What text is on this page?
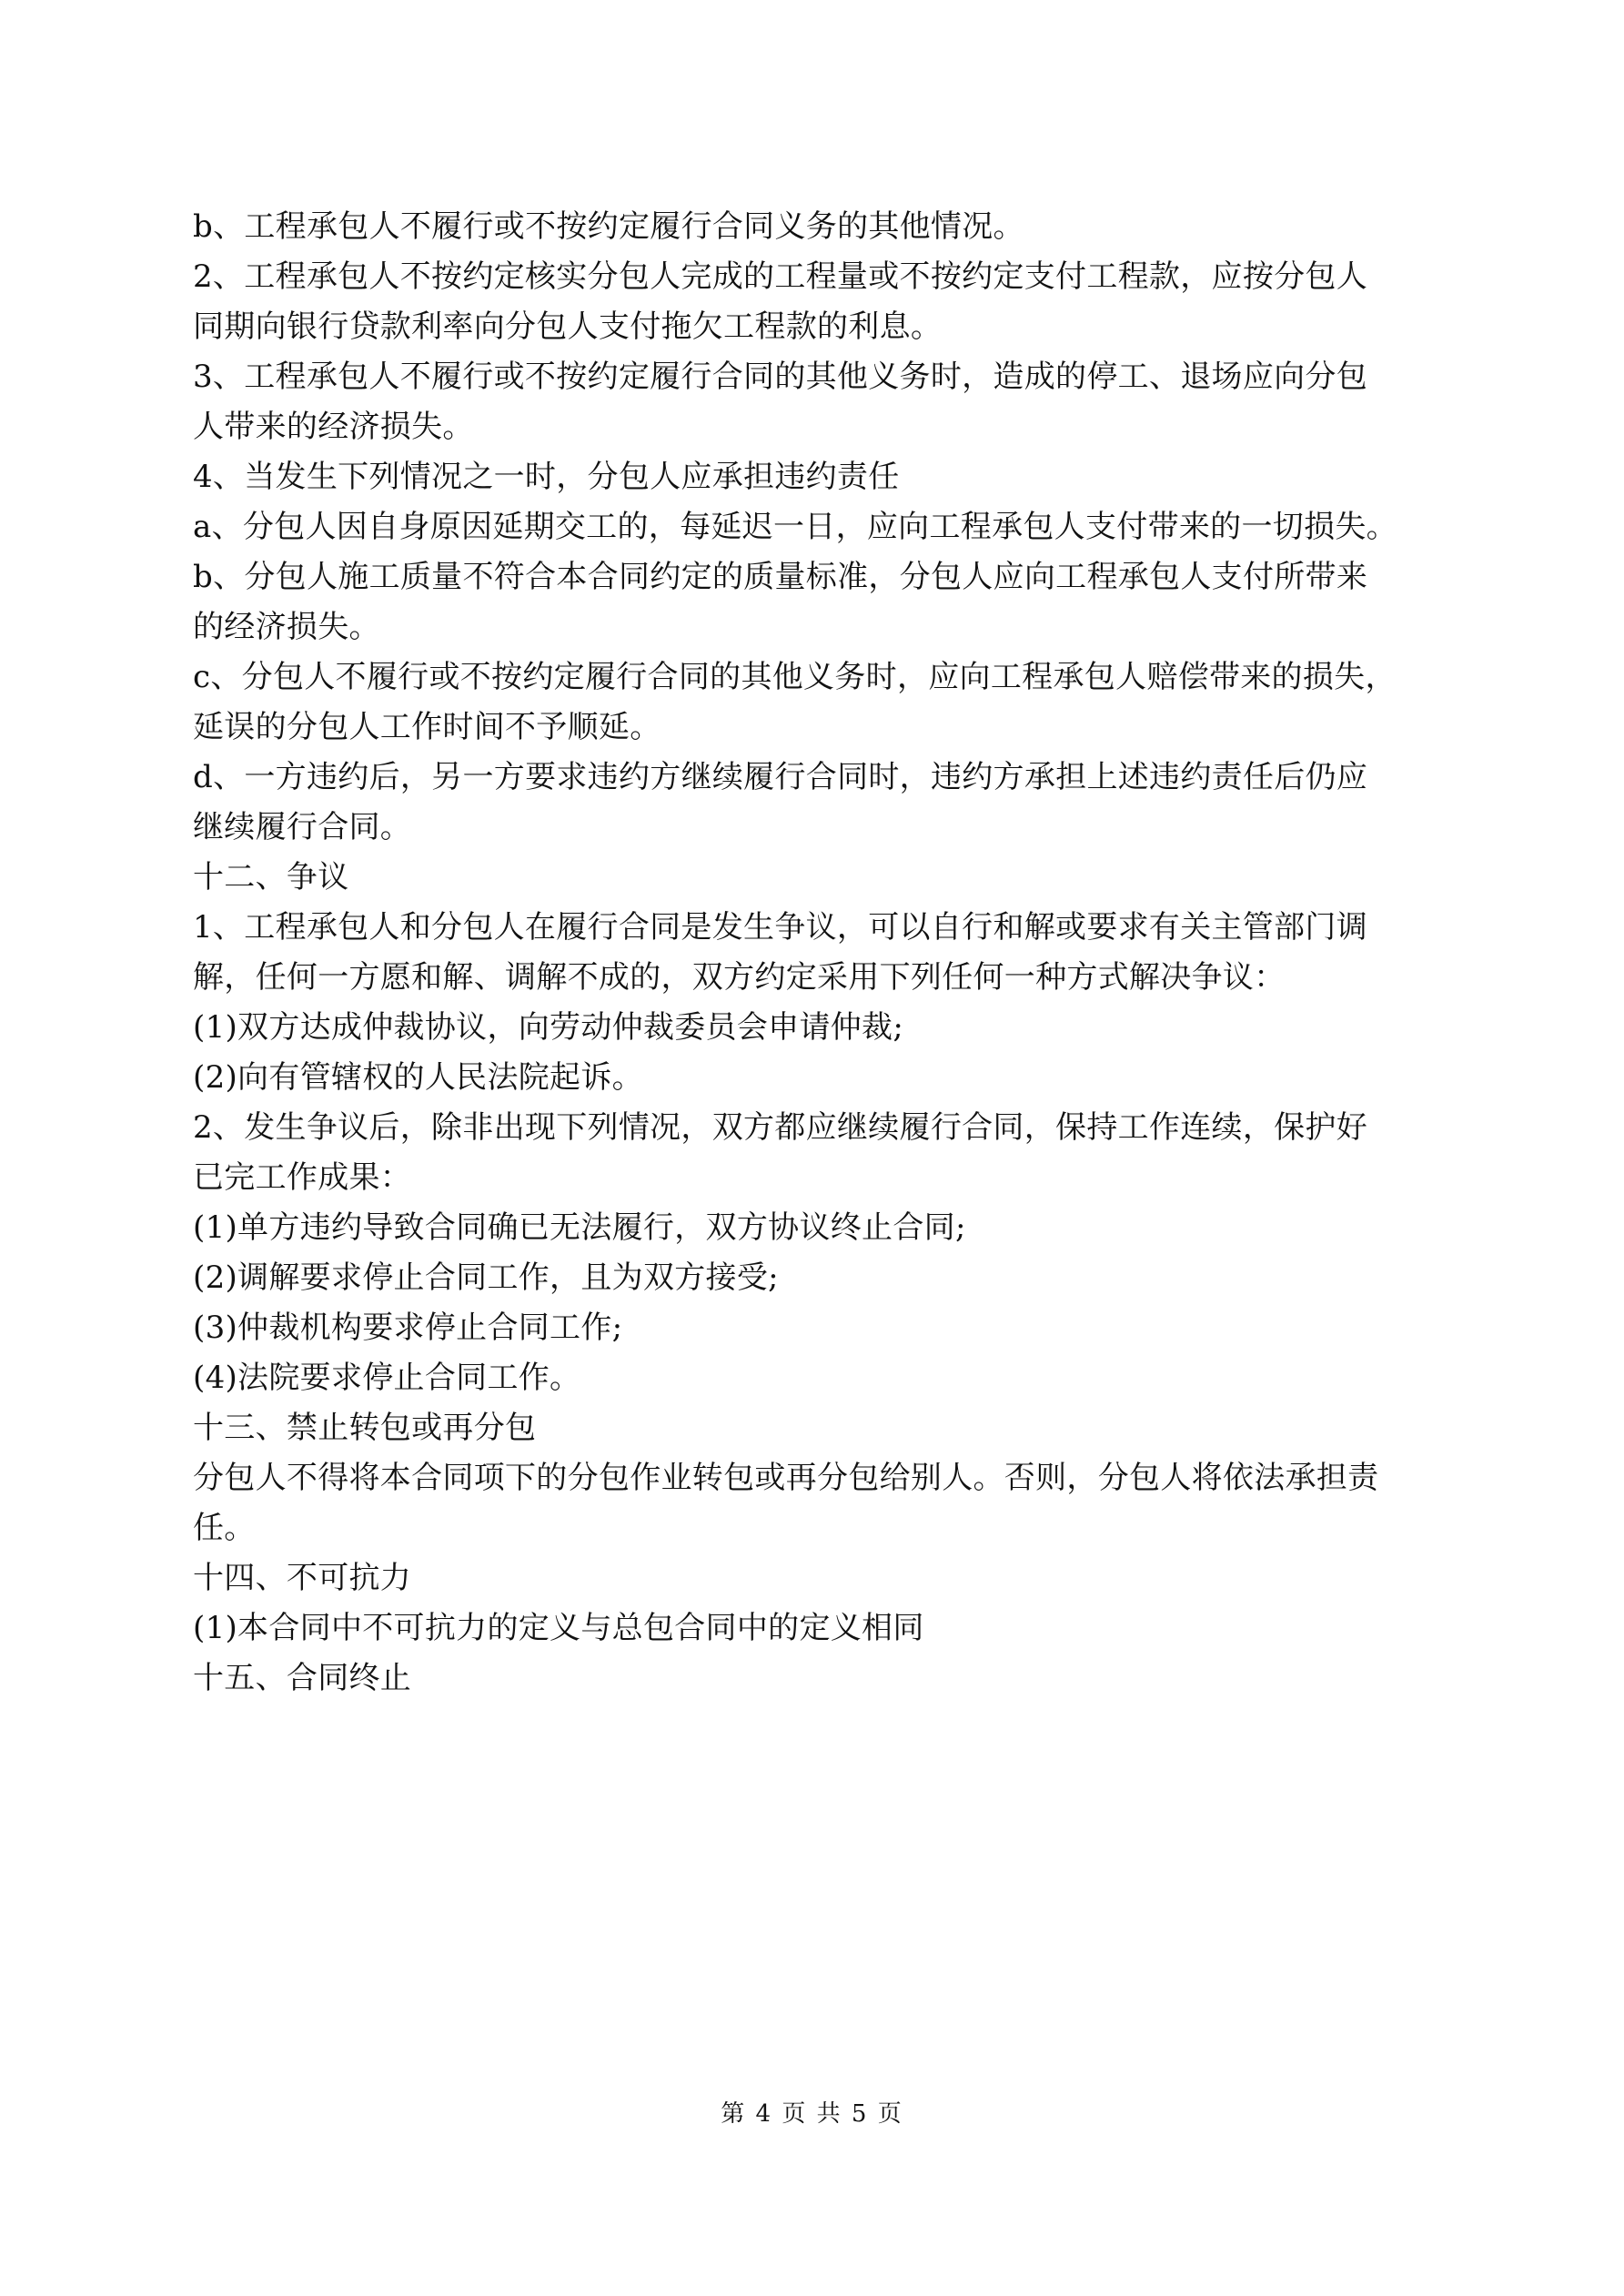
b、工程承包人不履行或不按约定履行合同义务的其他情况。
2、工程承包人不按约定核实分包人完成的工程量或不按约定支付工程款，应按分包人
同期向银行贷款利率向分包人支付拖欠工程款的利息。
3、工程承包人不履行或不按约定履行合同的其他义务时，造成的停工、退场应向分包
人带来的经济损失。
4、当发生下列情况之一时，分包人应承担违约责任
a、分包人因自身原因延期交工的，每延迟一日，应向工程承包人支付带来的一切损失。
b、分包人施工质量不符合本合同约定的质量标准，分包人应向工程承包人支付所带来
的经济损失。
c、分包人不履行或不按约定履行合同的其他义务时，应向工程承包人赔偿带来的损失，
延误的分包人工作时间不予顺延。
d、一方违约后，另一方要求违约方继续履行合同时，违约方承担上述违约责任后仍应
继续履行合同。
十二、争议
1、工程承包人和分包人在履行合同是发生争议，可以自行和解或要求有关主管部门调
解，任何一方愿和解、调解不成的，双方约定采用下列任何一种方式解决争议：
(1)双方达成仲裁协议，向劳动仲裁委员会申请仲裁;
(2)向有管辖权的人民法院起诉。
2、发生争议后，除非出现下列情况，双方都应继续履行合同，保持工作连续，保护好
已完工作成果：
(1)单方违约导致合同确已无法履行，双方协议终止合同;
(2)调解要求停止合同工作，且为双方接受;
(3)仲裁机构要求停止合同工作;
(4)法院要求停止合同工作。
十三、禁止转包或再分包
分包人不得将本合同项下的分包作业转包或再分包给别人。否则，分包人将依法承担责
任。
十四、不可抗力
(1)本合同中不可抗力的定义与总包合同中的定义相同
十五、合同终止
第 4 页 共 5 页
